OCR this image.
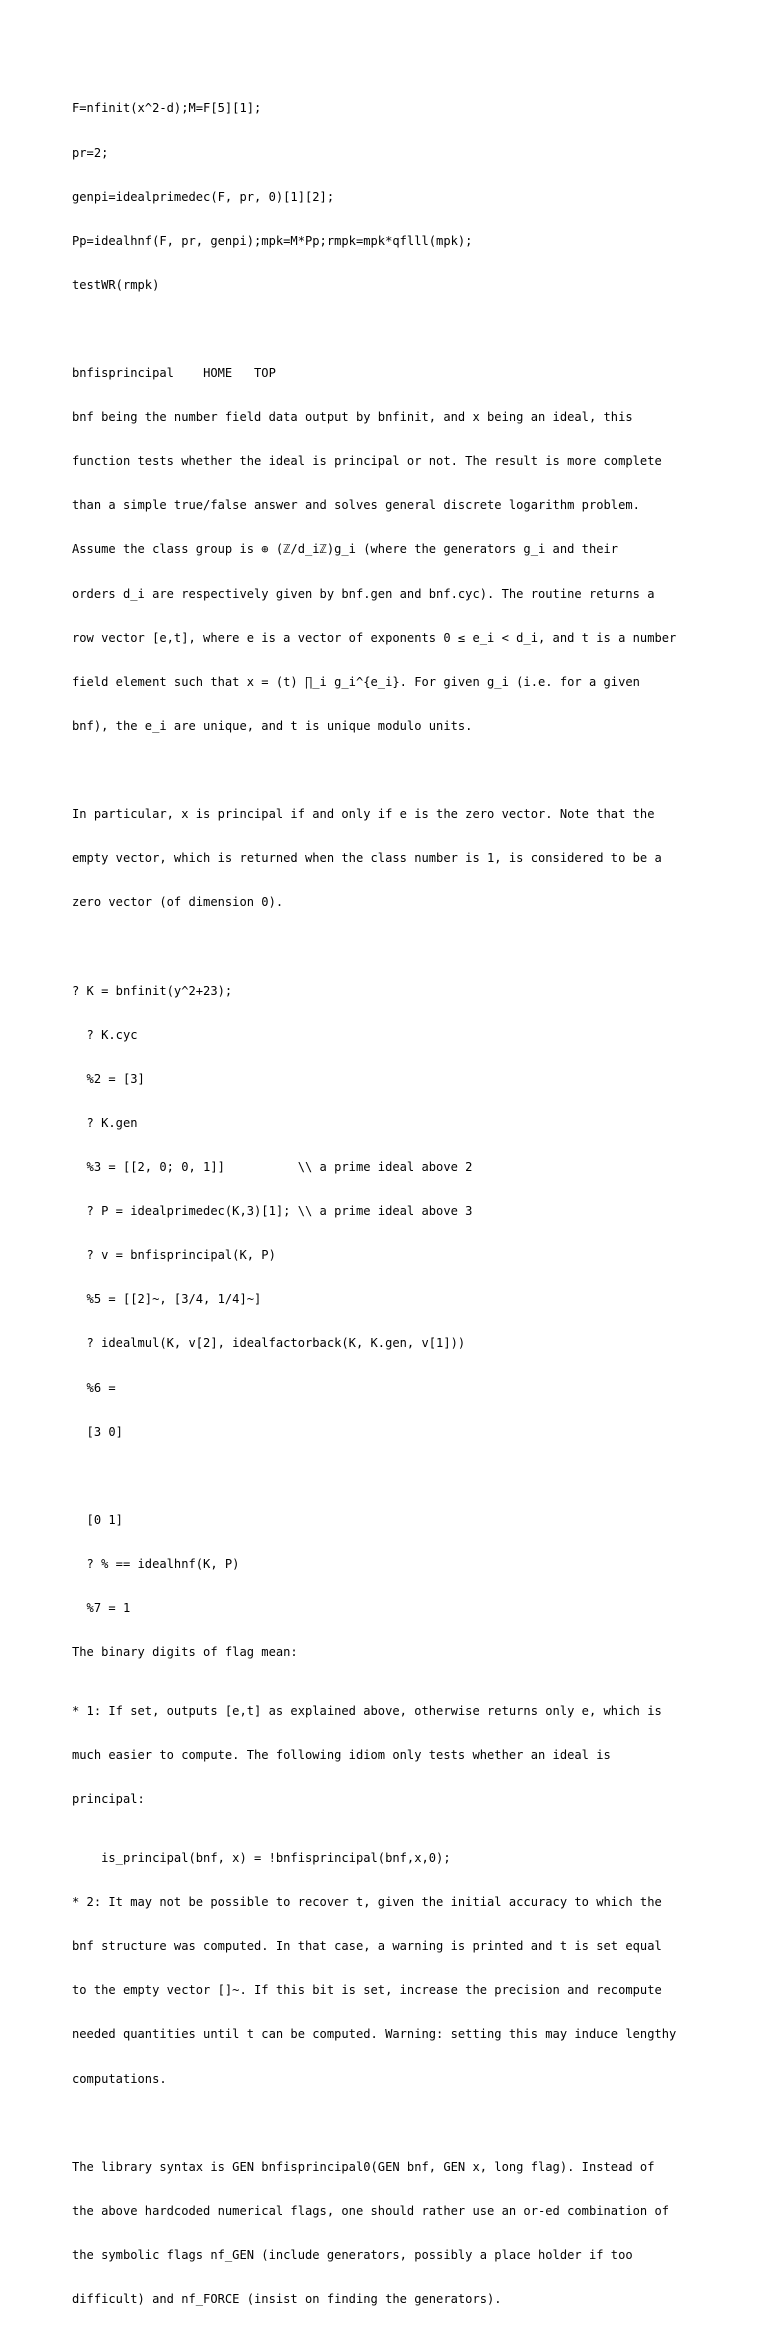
F=nfinit(x^2-d);M=F[5][1];

pr=2;

genpi=idealprimedec(F, pr, 0)[1][2];

Pp=idealhnf(F, pr, genpi);mpk=M*Pp;rmpk=mpk*qflll(mpk);

testWR(rmpk)

bnfisprincipal HOME TOP

bnf being the number field data output by bnfinit, and x being an ideal, this

function tests whether the ideal is principal or not. The result is more complete

than a simple true/false answer and solves general discrete logarithm problem.

Assume the class group is ⊕ (ℤ/d_iℤ)g_i (where the generators g_i and their

orders d_i are respectively given by bnf.gen and bnf.cyc). The routine returns a

row vector [e,t], where e is a vector of exponents 0 ≤ e_i < d_i, and t is a number

field element such that x = (t) ∏_i g_i^{e_i}. For given g_i (i.e. for a given

bnf), the e_i are unique, and t is unique modulo units.

In particular, x is principal if and only if e is the zero vector. Note that the

empty vector, which is returned when the class number is 1, is considered to be a

zero vector (of dimension 0).

? K = bnfinit(y^2+23);

? K.cyc

%2 = [3]

? K.gen

%3 = [[2, 0; 0, 1]]          \\ a prime ideal above 2

? P = idealprimedec(K,3)[1]; \\ a prime ideal above 3

? v = bnfisprincipal(K, P)

%5 = [[2]~, [3/4, 1/4]~]

? idealmul(K, v[2], idealfactorback(K, K.gen, v[1]))

%6 =

[3 0]

[0 1]

? % == idealhnf(K, P)

%7 = 1

The binary digits of flag mean:

* 1: If set, outputs [e,t] as explained above, otherwise returns only e, which is

much easier to compute. The following idiom only tests whether an ideal is

principal:

is_principal(bnf, x) = !bnfisprincipal(bnf,x,0);

* 2: It may not be possible to recover t, given the initial accuracy to which the

bnf structure was computed. In that case, a warning is printed and t is set equal

to the empty vector []~. If this bit is set, increase the precision and recompute

needed quantities until t can be computed. Warning: setting this may induce lengthy

computations.

The library syntax is GEN bnfisprincipal0(GEN bnf, GEN x, long flag). Instead of

the above hardcoded numerical flags, one should rather use an or-ed combination of

the symbolic flags nf_GEN (include generators, possibly a place holder if too

difficult) and nf_FORCE (insist on finding the generators).
